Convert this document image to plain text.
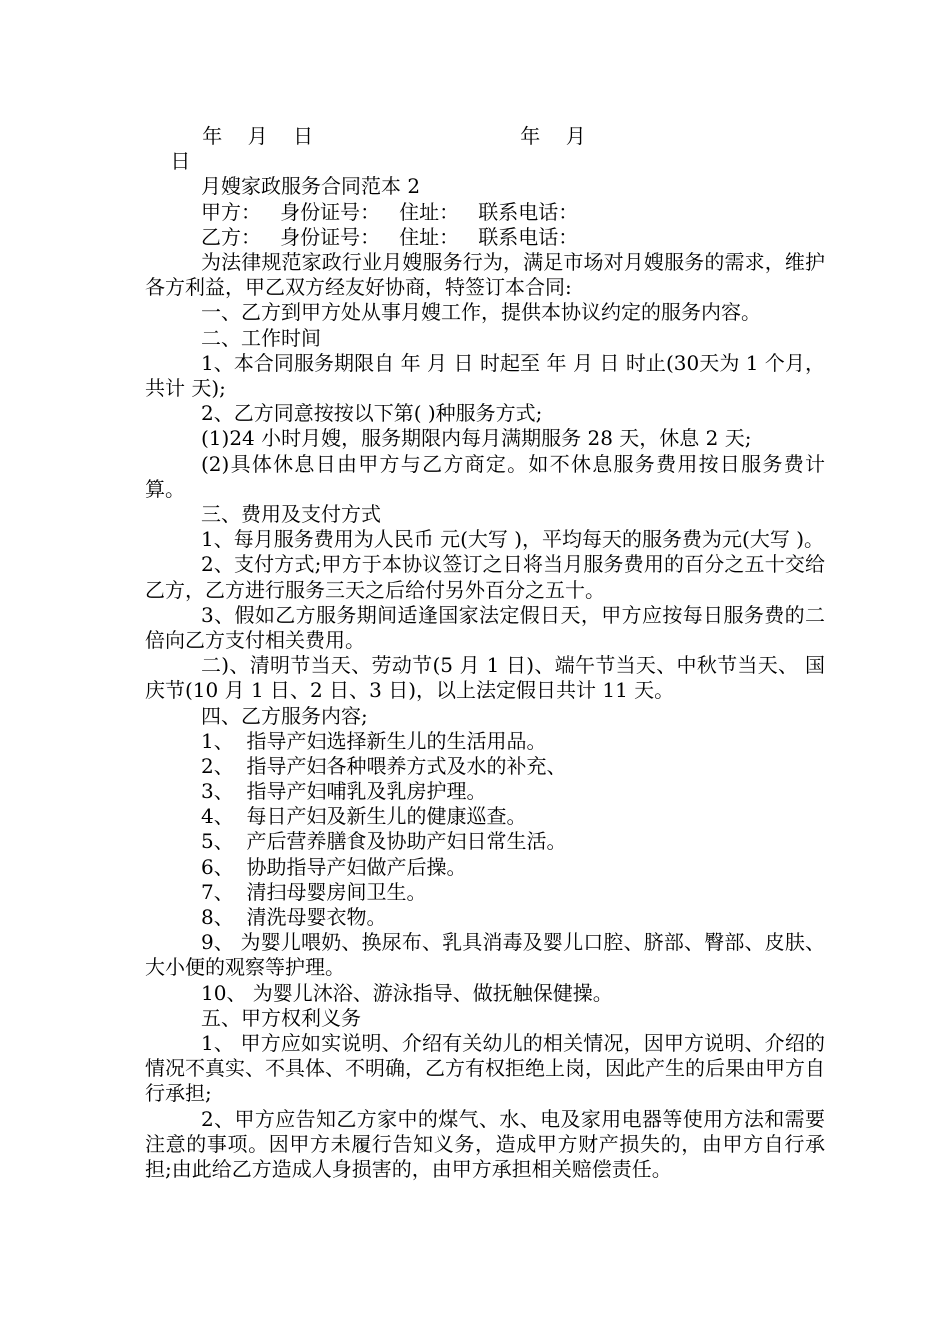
年    月    日	年    月
日
月嫂家政服务合同范本 2
甲方：   身份证号：   住址：   联系电话：
乙方：   身份证号：   住址：   联系电话：
为法律规范家政行业月嫂服务行为，满足市场对月嫂服务的需求，维护各方利益，甲乙双方经友好协商，特签订本合同:
一、乙方到甲方处从事月嫂工作，提供本协议约定的服务内容。
二、工作时间
1、本合同服务期限自 年 月 日 时起至 年 月 日 时止(30天为 1 个月，共计 天);
2、乙方同意按按以下第( )种服务方式;
(1)24 小时月嫂，服务期限内每月满期服务 28 天，休息 2 天;
(2)具体休息日由甲方与乙方商定。如不休息服务费用按日服务费计算。
三、费用及支付方式
1、每月服务费用为人民币 元(大写 )，平均每天的服务费为元(大写 )。
2、支付方式;甲方于本协议签订之日将当月服务费用的百分之五十交给乙方，乙方进行服务三天之后给付另外百分之五十。
3、假如乙方服务期间适逢国家法定假日天，甲方应按每日服务费的二倍向乙方支付相关费用。
二)、清明节当天、劳动节(5 月 1 日)、端午节当天、中秋节当天、 国庆节(10 月 1 日、2 日、3 日)，以上法定假日共计 11 天。
四、乙方服务内容;
1、  指导产妇选择新生儿的生活用品。
2、  指导产妇各种喂养方式及水的补充、
3、  指导产妇哺乳及乳房护理。
4、  每日产妇及新生儿的健康巡查。
5、  产后营养膳食及协助产妇日常生活。
6、  协助指导产妇做产后操。
7、  清扫母婴房间卫生。
8、  清洗母婴衣物。
9、 为婴儿喂奶、换尿布、乳具消毒及婴儿口腔、脐部、臀部、皮肤、大小便的观察等护理。
10、 为婴儿沐浴、游泳指导、做抚触保健操。
五、甲方权利义务
1、 甲方应如实说明、介绍有关幼儿的相关情况，因甲方说明、介绍的情况不真实、不具体、不明确，乙方有权拒绝上岗，因此产生的后果由甲方自行承担;
2、甲方应告知乙方家中的煤气、水、电及家用电器等使用方法和需要注意的事项。因甲方未履行告知义务，造成甲方财产损失的，由甲方自行承担;由此给乙方造成人身损害的，由甲方承担相关赔偿责任。
